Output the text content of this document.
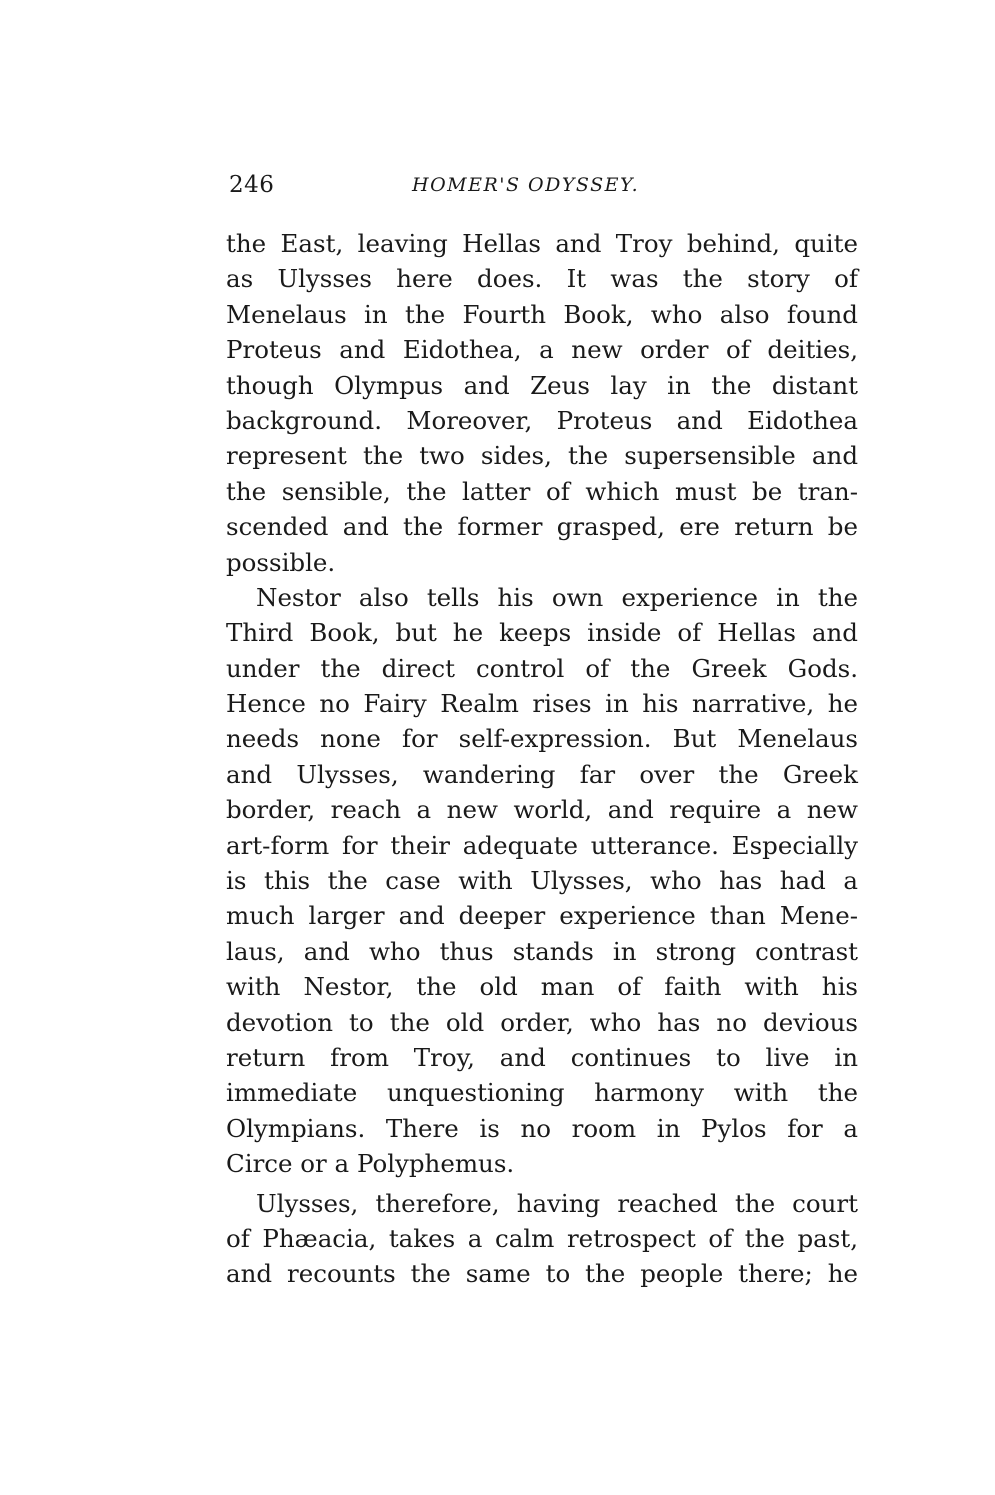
246	HOMER'S ODYSSEY.
the East, leaving Hellas and Troy behind, quite
as Ulysses here does. It was the story of
Menelaus in the Fourth Book, who also found
Proteus and Eidothea, a new order of deities,
though Olympus and Zeus lay in the distant
background. Moreover, Proteus and Eidothea
represent the two sides, the supersensible and
the sensible, the latter of which must be tran-
scended and the former grasped, ere return be
possible.
Nestor also tells his own experience in the
Third Book, but he keeps inside of Hellas and
under the direct control of the Greek Gods.
Hence no Fairy Realm rises in his narrative, he
needs none for self-expression. But Menelaus
and Ulysses, wandering far over the Greek
border, reach a new world, and require a new
art-form for their adequate utterance. Especially
is this the case with Ulysses, who has had a
much larger and deeper experience than Mene-
laus, and who thus stands in strong contrast
with Nestor, the old man of faith with his
devotion to the old order, who has no devious
return from Troy, and continues to live in
immediate unquestioning harmony with the
Olympians. There is no room in Pylos for a
Circe or a Polyphemus.
Ulysses, therefore, having reached the court
of Phæacia, takes a calm retrospect of the past,
and recounts the same to the people there; he
